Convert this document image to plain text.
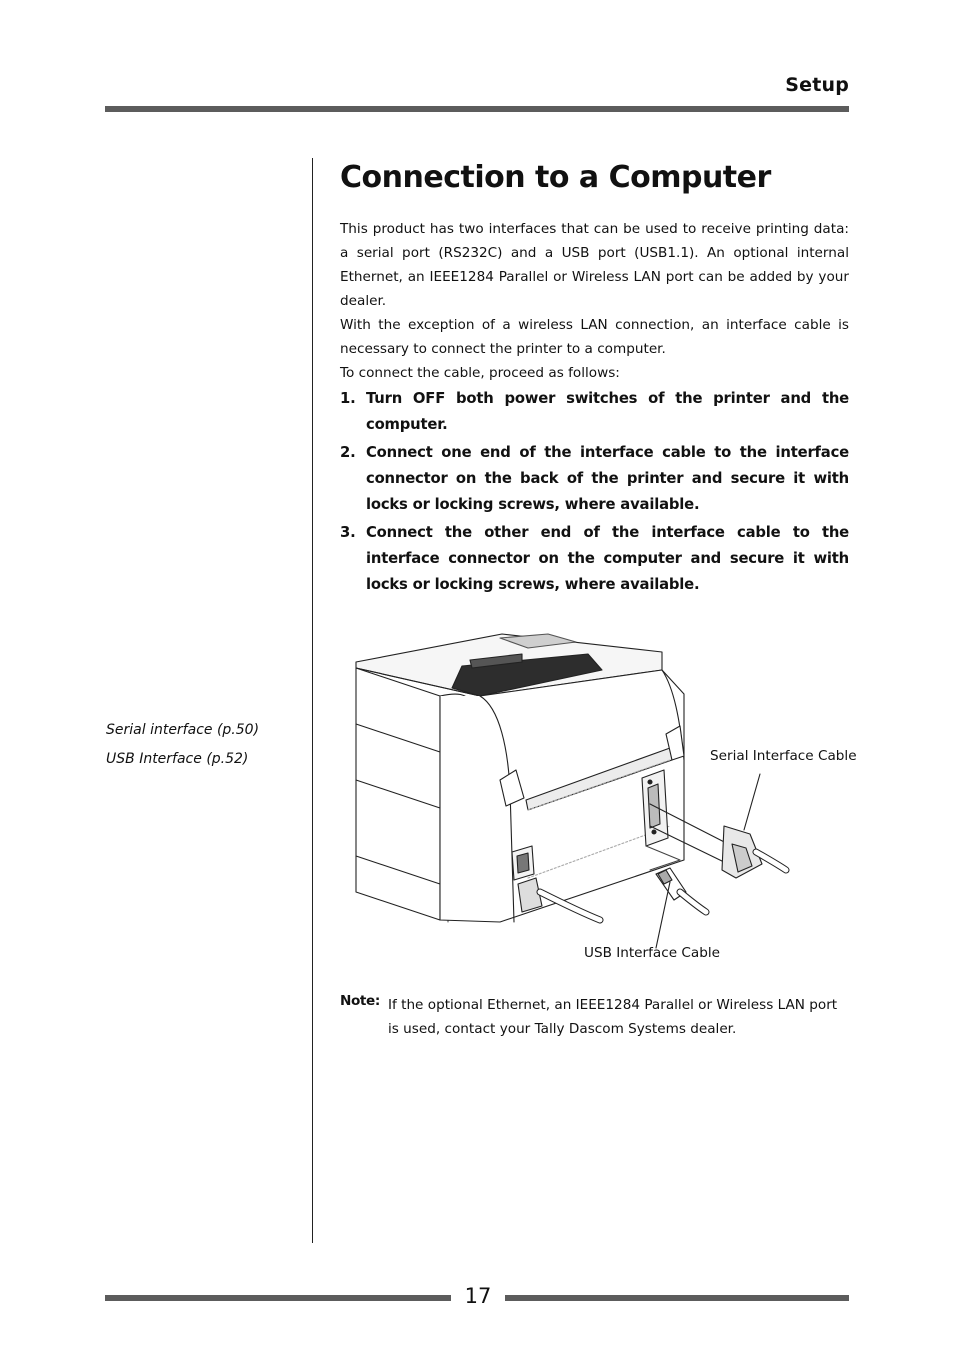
Setup
Serial interface (p.50)
USB Interface (p.52)
Connection to a Computer

This product has two interfaces that can be used to receive printing data: a serial port (RS232C) and a USB port (USB1.1). An optional internal Ethernet, an IEEE1284 Parallel or Wireless LAN port can be added by your dealer.

With the exception of a wireless LAN connection, an interface cable is necessary to connect the printer to a computer.

To connect the cable, proceed as follows:

1. Turn OFF both power switches of the printer and the computer.
2. Connect one end of the interface cable to the interface connector on the back of the printer and secure it with locks or locking screws, where available.
3. Connect the other end of the interface cable to the interface connector on the computer and secure it with locks or locking screws, where available.
Serial Interface Cable
USB Interface Cable
Note: If the optional Ethernet, an IEEE1284 Parallel or Wireless LAN port is used, contact your Tally Dascom Systems dealer.

17
